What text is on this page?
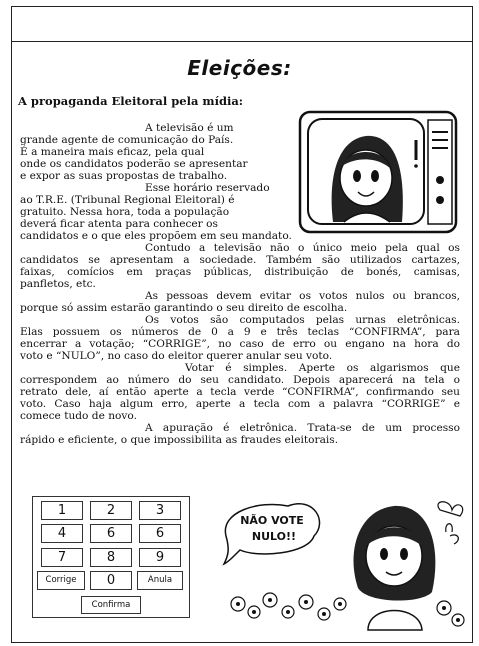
Eleições:
A propaganda Eleitoral pela mídia:
A televisão é um
grande agente de comunicação do País.
É a maneira mais eficaz, pela qual
onde os candidatos poderão se apresentar
e expor as suas propostas de trabalho.
Esse horário reservado
ao T.R.E. (Tribunal Regional Eleitoral) é
gratuito. Nessa hora, toda a população
deverá ficar atenta para conhecer os
candidatos e o que eles propõem em seu mandato.
Contudo a televisão não o único meio pela qual os
candidatos se apresentam a sociedade. Também são utilizados cartazes,
faixas, comícios em praças públicas, distribuição de bonés, camisas,
panfletos, etc.
As pessoas devem evitar os votos nulos ou brancos,
porque só assim estarão garantindo o seu direito de escolha.
Os votos são computados pelas urnas eletrônicas.
Elas possuem os números de 0 a 9 e três teclas “CONFIRMA”, para
encerrar a votação; “CORRIGE”, no caso de erro ou engano na hora do
voto e “NULO”, no caso do eleitor querer anular seu voto.
Votar é simples. Aperte os algarismos que
correspondem ao número do seu candidato. Depois aparecerá na tela o
retrato dele, aí então aperte a tecla verde “CONFIRMA”, confirmando seu
voto. Caso haja algum erro, aperte a tecla com a palavra “CORRIGE” e
comece tudo de novo.
A apuração é eletrônica. Trata-se de um processo
rápido e eficiente, o que impossibilita as fraudes eleitorais.
1	2	3
4	6	6
7	8	9
Corrige	0	Anula
Confirma
NÃO VOTE
NULO!!
